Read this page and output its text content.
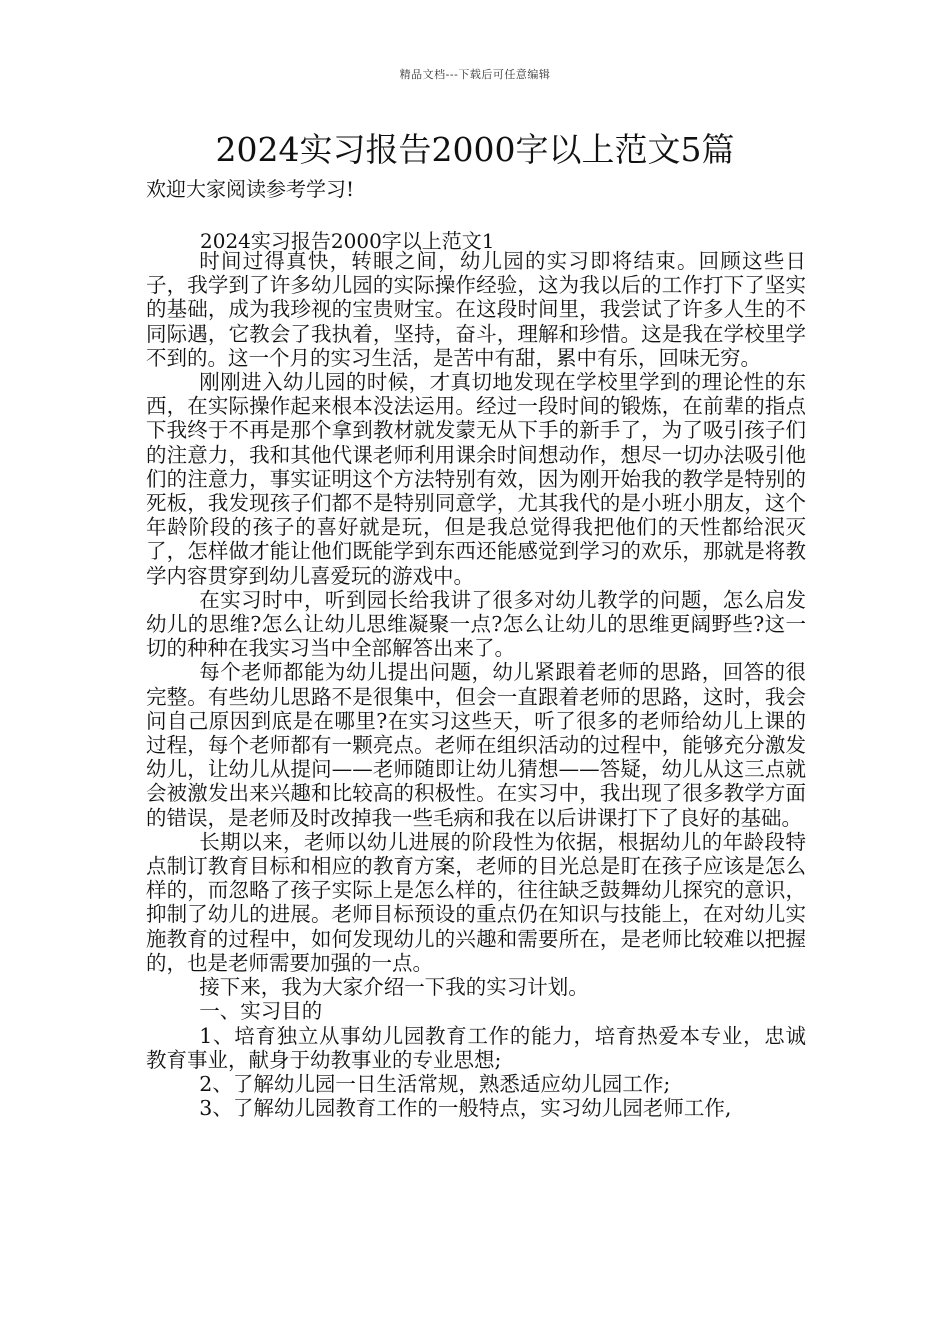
精品文档---下载后可任意编辑
2024实习报告2000字以上范文5篇
欢迎大家阅读参考学习!
2024实习报告2000字以上范文1

时间过得真快，转眼之间，幼儿园的实习即将结束。回顾这些日子，我学到了许多幼儿园的实际操作经验，这为我以后的工作打下了坚实的基础，成为我珍视的宝贵财宝。在这段时间里，我尝试了许多人生的不同际遇，它教会了我执着，坚持，奋斗，理解和珍惜。这是我在学校里学不到的。这一个月的实习生活，是苦中有甜，累中有乐，回味无穷。

刚刚进入幼儿园的时候，才真切地发现在学校里学到的理论性的东西，在实际操作起来根本没法运用。经过一段时间的锻炼，在前辈的指点下我终于不再是那个拿到教材就发蒙无从下手的新手了，为了吸引孩子们的注意力，我和其他代课老师利用课余时间想动作，想尽一切办法吸引他们的注意力，事实证明这个方法特别有效，因为刚开始我的教学是特别的死板，我发现孩子们都不是特别同意学，尤其我代的是小班小朋友，这个年龄阶段的孩子的喜好就是玩，但是我总觉得我把他们的天性都给泯灭了，怎样做才能让他们既能学到东西还能感觉到学习的欢乐，那就是将教学内容贯穿到幼儿喜爱玩的游戏中。

在实习时中，听到园长给我讲了很多对幼儿教学的问题，怎么启发幼儿的思维?怎么让幼儿思维凝聚一点?怎么让幼儿的思维更阔野些?这一切的种种在我实习当中全部解答出来了。

每个老师都能为幼儿提出问题，幼儿紧跟着老师的思路，回答的很完整。有些幼儿思路不是很集中，但会一直跟着老师的思路，这时，我会问自己原因到底是在哪里?在实习这些天，听了很多的老师给幼儿上课的过程，每个老师都有一颗亮点。老师在组织活动的过程中，能够充分激发幼儿，让幼儿从提问——老师随即让幼儿猜想——答疑，幼儿从这三点就会被激发出来兴趣和比较高的积极性。在实习中，我出现了很多教学方面的错误，是老师及时改掉我一些毛病和我在以后讲课打下了良好的基础。

长期以来，老师以幼儿进展的阶段性为依据，根据幼儿的年龄段特点制订教育目标和相应的教育方案，老师的目光总是盯在孩子应该是怎么样的，而忽略了孩子实际上是怎么样的，往往缺乏鼓舞幼儿探究的意识，抑制了幼儿的进展。老师目标预设的重点仍在知识与技能上，在对幼儿实施教育的过程中，如何发现幼儿的兴趣和需要所在，是老师比较难以把握的，也是老师需要加强的一点。

接下来，我为大家介绍一下我的实习计划。

一、实习目的

1、培育独立从事幼儿园教育工作的能力，培育热爱本专业，忠诚教育事业，献身于幼教事业的专业思想;

2、了解幼儿园一日生活常规，熟悉适应幼儿园工作;

3、了解幼儿园教育工作的一般特点，实习幼儿园老师工作,
